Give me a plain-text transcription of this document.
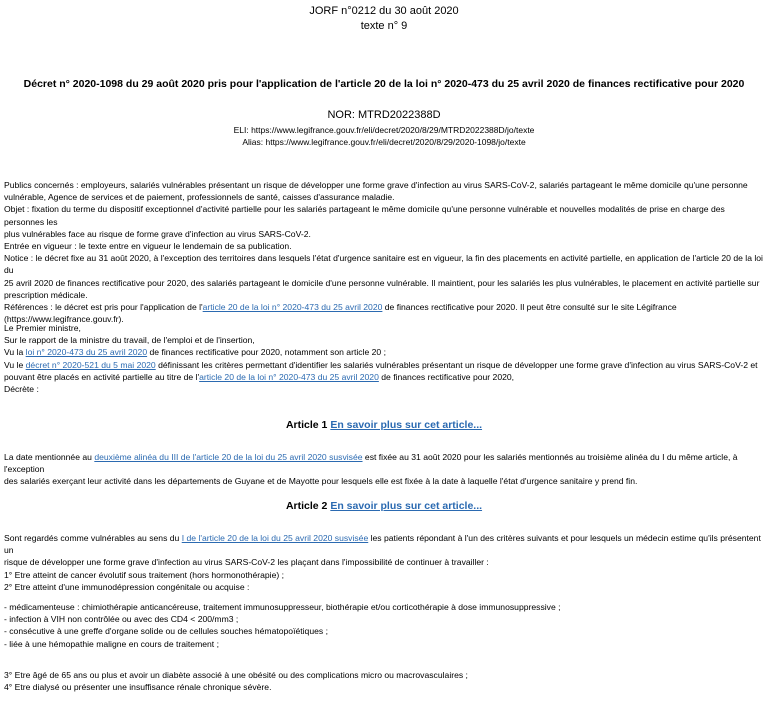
JORF n°0212 du 30 août 2020
texte n° 9
Décret n° 2020-1098 du 29 août 2020 pris pour l'application de l'article 20 de la loi n° 2020-473 du 25 avril 2020 de finances rectificative pour 2020
NOR: MTRD2022388D
ELI: https://www.legifrance.gouv.fr/eli/decret/2020/8/29/MTRD2022388D/jo/texte
Alias: https://www.legifrance.gouv.fr/eli/decret/2020/8/29/2020-1098/jo/texte

Publics concernés : employeurs, salariés vulnérables présentant un risque de développer une forme grave d'infection au virus SARS-CoV-2, salariés partageant le même domicile qu'une personne

vulnérable, Agence de services et de paiement, professionnels de santé, caisses d'assurance maladie.

Objet : fixation du terme du dispositif exceptionnel d'activité partielle pour les salariés partageant le même domicile qu'une personne vulnérable et nouvelles modalités de prise en charge des personnes les

plus vulnérables face au risque de forme grave d'infection au virus SARS-CoV-2.

Entrée en vigueur : le texte entre en vigueur le lendemain de sa publication.

Notice : le décret fixe au 31 août 2020, à l'exception des territoires dans lesquels l'état d'urgence sanitaire est en vigueur, la fin des placements en activité partielle, en application de l'article 20 de la loi du

25 avril 2020 de finances rectificative pour 2020, des salariés partageant le domicile d'une personne vulnérable. Il maintient, pour les salariés les plus vulnérables, le placement en activité partielle sur

prescription médicale.

Références : le décret est pris pour l'application de l'article 20 de la loi n° 2020-473 du 25 avril 2020 de finances rectificative pour 2020. Il peut être consulté sur le site Légifrance

(https://www.legifrance.gouv.fr).

Le Premier ministre,

Sur le rapport de la ministre du travail, de l'emploi et de l'insertion,

Vu la loi n° 2020-473 du 25 avril 2020 de finances rectificative pour 2020, notamment son article 20 ;

Vu le décret n° 2020-521 du 5 mai 2020 définissant les critères permettant d'identifier les salariés vulnérables présentant un risque de développer une forme grave d'infection au virus SARS-CoV-2 et

pouvant être placés en activité partielle au titre de l'article 20 de la loi n° 2020-473 du 25 avril 2020 de finances rectificative pour 2020,

Décrète :

Article 1 En savoir plus sur cet article...

La date mentionnée au deuxième alinéa du III de l'article 20 de la loi du 25 avril 2020 susvisée est fixée au 31 août 2020 pour les salariés mentionnés au troisième alinéa du I du même article, à l'exception

des salariés exerçant leur activité dans les départements de Guyane et de Mayotte pour lesquels elle est fixée à la date à laquelle l'état d'urgence sanitaire y prend fin.

Article 2 En savoir plus sur cet article...

Sont regardés comme vulnérables au sens du I de l'article 20 de la loi du 25 avril 2020 susvisée les patients répondant à l'un des critères suivants et pour lesquels un médecin estime qu'ils présentent un

risque de développer une forme grave d'infection au virus SARS-CoV-2 les plaçant dans l'impossibilité de continuer à travailler :

1° Etre atteint de cancer évolutif sous traitement (hors hormonothérapie) ;

2° Etre atteint d'une immunodépression congénitale ou acquise :

- médicamenteuse : chimiothérapie anticancéreuse, traitement immunosuppresseur, biothérapie et/ou corticothérapie à dose immunosuppressive ;

- infection à VIH non contrôlée ou avec des CD4 < 200/mm3 ;

- consécutive à une greffe d'organe solide ou de cellules souches hématopoïétiques ;

- liée à une hémopathie maligne en cours de traitement ;

3° Etre âgé de 65 ans ou plus et avoir un diabète associé à une obésité ou des complications micro ou macrovasculaires ;

4° Etre dialysé ou présenter une insuffisance rénale chronique sévère.
